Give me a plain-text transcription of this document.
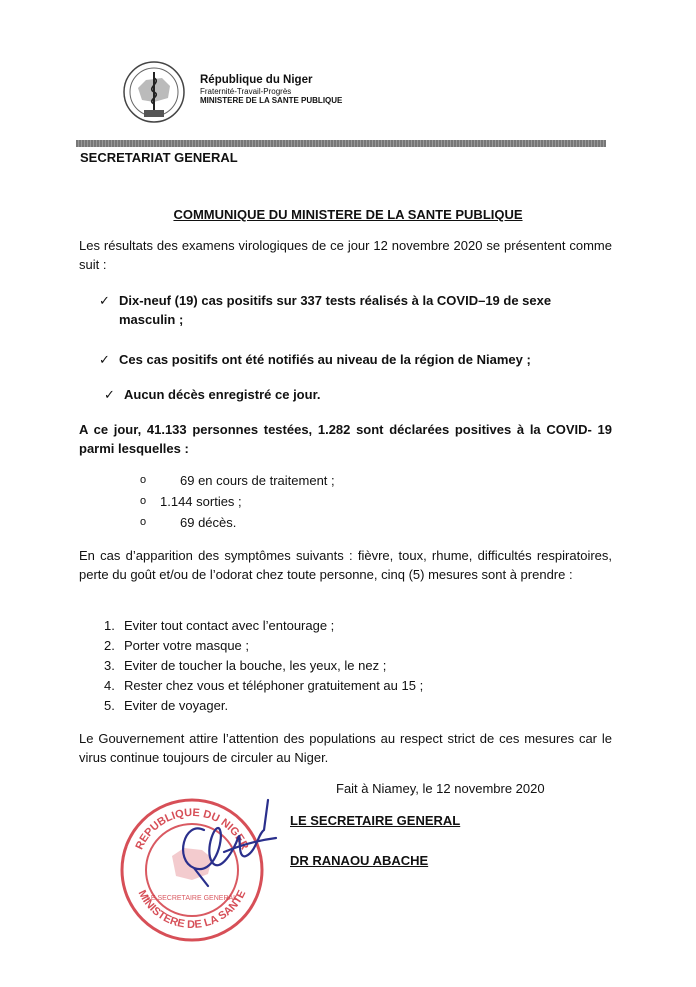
République du Niger
Fraternité-Travail-Progrès
MINISTERE DE LA SANTE PUBLIQUE
SECRETARIAT GENERAL
COMMUNIQUE DU MINISTERE DE LA SANTE PUBLIQUE
Les résultats des examens virologiques de ce jour 12 novembre 2020 se présentent comme suit :
✓ Dix-neuf (19) cas positifs sur 337 tests réalisés à la COVID–19 de sexe masculin ;
✓ Ces cas positifs ont été notifiés au niveau de la région de Niamey ;
✓ Aucun décès enregistré ce jour.
A ce jour, 41.133 personnes testées, 1.282 sont déclarées positives à la COVID- 19 parmi lesquelles :
o	69 en cours de traitement ;
o 1.144 sorties ;
o	69 décès.
En cas d’apparition des symptômes suivants : fièvre, toux, rhume, difficultés respiratoires, perte du goût et/ou de l’odorat chez toute personne, cinq (5) mesures sont à prendre :
1. Eviter tout contact avec l’entourage ;
2. Porter votre masque ;
3. Eviter de toucher la bouche, les yeux, le nez ;
4. Rester chez vous et téléphoner gratuitement au 15 ;
5. Eviter de voyager.
Le Gouvernement attire l’attention des populations au respect strict de ces mesures car le virus continue toujours de circuler au Niger.
Fait à Niamey, le 12 novembre 2020
REPUBLIQUE DU NIGER
MINISTERE DE LA SANTE
LE SECRETAIRE GENERAL
LE SECRETAIRE GENERAL
DR RANAOU ABACHE
